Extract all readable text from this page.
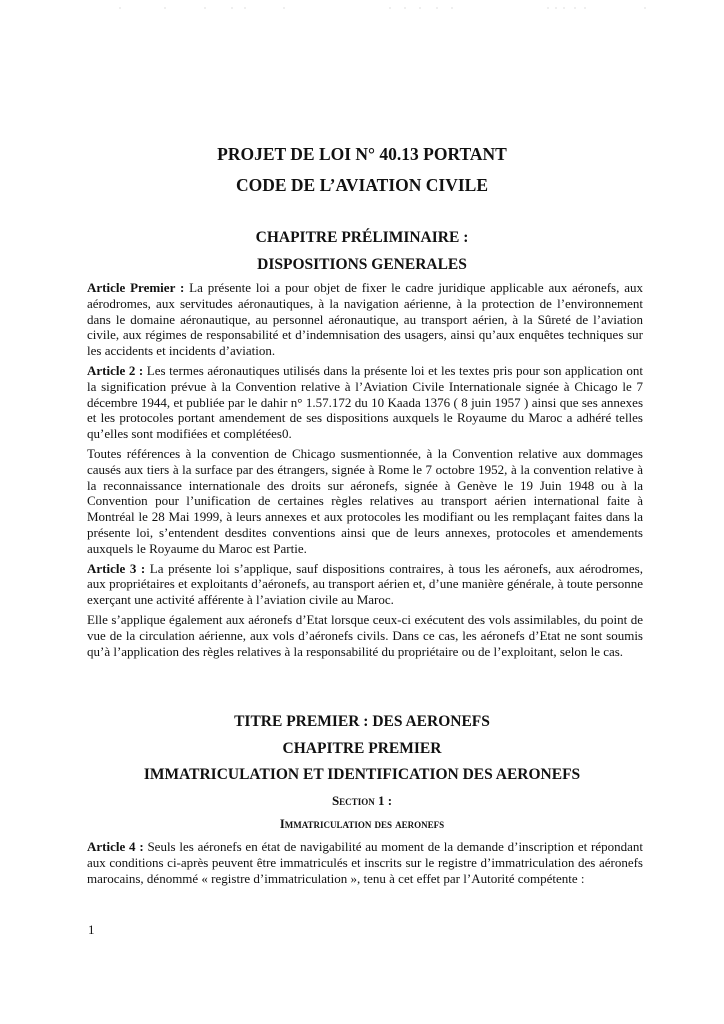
PROJET DE LOI N° 40.13 PORTANT
CODE DE L’AVIATION CIVILE
CHAPITRE PRÉLIMINAIRE :
DISPOSITIONS GENERALES

Article Premier : La présente loi a pour objet de fixer le cadre juridique applicable aux aéronefs, aux aérodromes, aux servitudes aéronautiques, à la navigation aérienne, à la protection de l’environnement dans le domaine aéronautique, au personnel aéronautique, au transport aérien, à la Sûreté de l’aviation civile, aux régimes de responsabilité et d’indemnisation des usagers, ainsi qu’aux enquêtes techniques sur les accidents et incidents d’aviation.

Article 2 : Les termes aéronautiques utilisés dans la présente loi et les textes pris pour son application ont la signification prévue à la Convention relative à l’Aviation Civile Internationale signée à Chicago le 7 décembre 1944, et publiée par le dahir n° 1.57.172 du 10 Kaada 1376 ( 8 juin 1957 ) ainsi que ses annexes et les protocoles portant amendement de ses dispositions auxquels le Royaume du Maroc a adhéré telles qu’elles sont modifiées et complétées0.

Toutes références à la convention de Chicago susmentionnée, à la Convention relative aux dommages causés aux tiers à la surface par des étrangers, signée à Rome le 7 octobre 1952, à la convention relative à la reconnaissance internationale des droits sur aéronefs, signée à Genève le 19 Juin 1948 ou à la Convention pour l’unification de certaines règles relatives au transport aérien international faite à Montréal le 28 Mai 1999, à leurs annexes et aux protocoles les modifiant ou les remplaçant faites dans la présente loi, s’entendent desdites conventions ainsi que de leurs annexes, protocoles et amendements auxquels le Royaume du Maroc est Partie.

Article 3 : La présente loi s’applique, sauf dispositions contraires, à tous les aéronefs, aux aérodromes, aux propriétaires et exploitants d’aéronefs, au transport aérien et, d’une manière générale, à toute personne exerçant une activité afférente à l’aviation civile au Maroc.

Elle s’applique également aux aéronefs d’Etat lorsque ceux-ci exécutent des vols assimilables, du point de vue de la circulation aérienne, aux vols d’aéronefs civils. Dans ce cas, les aéronefs d’Etat ne sont soumis qu’à l’application des règles relatives à la responsabilité du propriétaire ou de l’exploitant, selon le cas.

TITRE PREMIER : DES AERONEFS
CHAPITRE PREMIER
IMMATRICULATION ET IDENTIFICATION DES AERONEFS
Section 1 :
Immatriculation des aeronefs

Article 4 : Seuls les aéronefs en état de navigabilité au moment de la demande d’inscription et répondant aux conditions ci-après peuvent être immatriculés et inscrits sur le registre d’immatriculation des aéronefs marocains, dénommé « registre d’immatriculation », tenu à cet effet par l’Autorité compétente :

1
